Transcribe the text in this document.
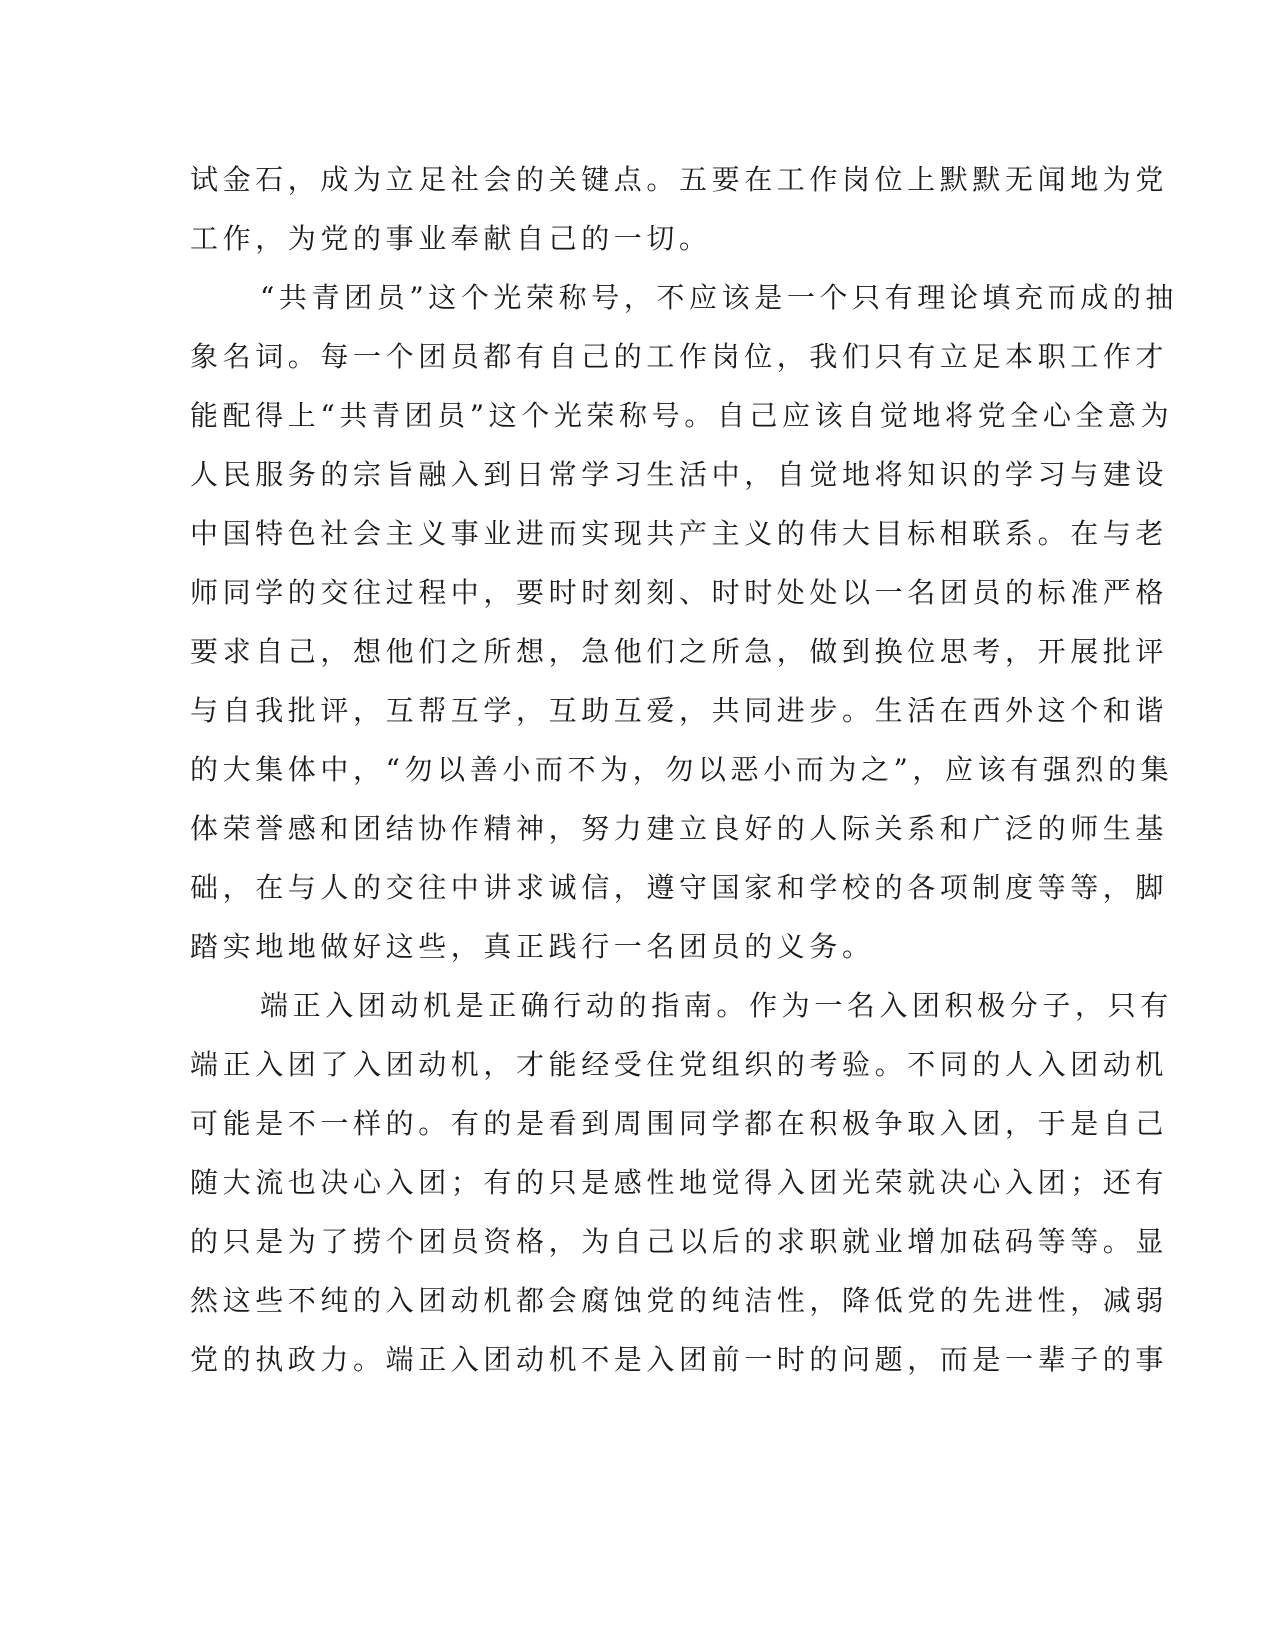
试金石，成为立足社会的关键点。五要在工作岗位上默默无闻地为党
工作，为党的事业奉献自己的一切。
“共青团员”这个光荣称号，不应该是一个只有理论填充而成的抽
象名词。每一个团员都有自己的工作岗位，我们只有立足本职工作才
能配得上“共青团员”这个光荣称号。自己应该自觉地将党全心全意为
人民服务的宗旨融入到日常学习生活中，自觉地将知识的学习与建设
中国特色社会主义事业进而实现共产主义的伟大目标相联系。在与老
师同学的交往过程中，要时时刻刻、时时处处以一名团员的标准严格
要求自己，想他们之所想，急他们之所急，做到换位思考，开展批评
与自我批评，互帮互学，互助互爱，共同进步。生活在西外这个和谐
的大集体中，“勿以善小而不为，勿以恶小而为之”，应该有强烈的集
体荣誉感和团结协作精神，努力建立良好的人际关系和广泛的师生基
础，在与人的交往中讲求诚信，遵守国家和学校的各项制度等等，脚
踏实地地做好这些，真正践行一名团员的义务。
端正入团动机是正确行动的指南。作为一名入团积极分子，只有
端正入团了入团动机，才能经受住党组织的考验。不同的人入团动机
可能是不一样的。有的是看到周围同学都在积极争取入团，于是自己
随大流也决心入团；有的只是感性地觉得入团光荣就决心入团；还有
的只是为了捞个团员资格，为自己以后的求职就业增加砝码等等。显
然这些不纯的入团动机都会腐蚀党的纯洁性，降低党的先进性，减弱
党的执政力。端正入团动机不是入团前一时的问题，而是一辈子的事
